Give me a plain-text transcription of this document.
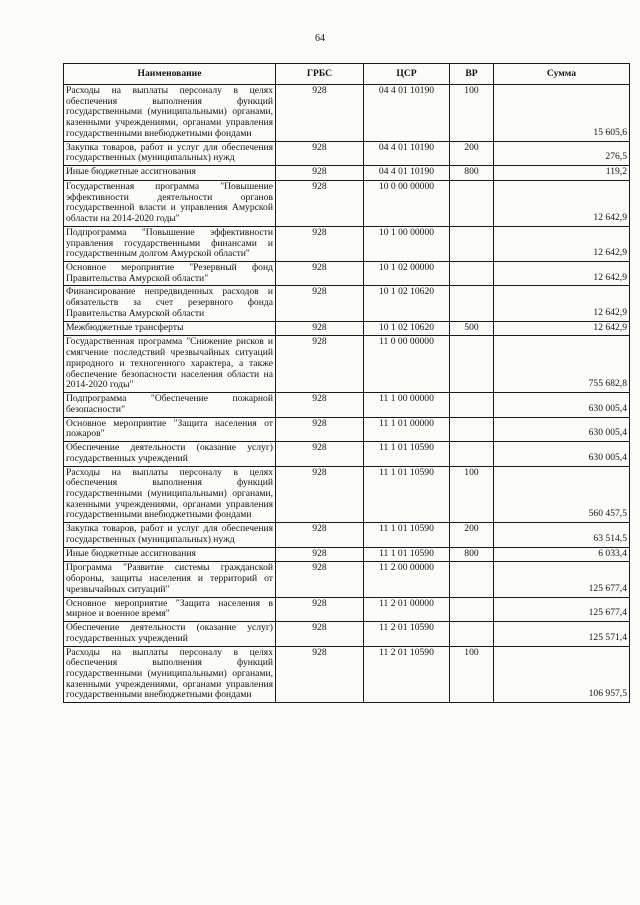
64
Наименование	ГРБС	ЦСР	ВР	Сумма
Расходы на выплаты персоналу в целях обеспечения выполнения функций государственными (муниципальными) органами, казенными учреждениями, органами управления государственными внебюджетными фондами	928	04 4 01 10190	100	15 605,6
Закупка товаров, работ и услуг для обеспечения государственных (муниципальных) нужд	928	04 4 01 10190	200	276,5
Иные бюджетные ассигнования	928	04 4 01 10190	800	119,2
Государственная программа "Повышение эффективности деятельности органов государственной власти и управления Амурской области на 2014-2020 годы"	928	10 0 00 00000		12 642,9
Подпрограмма "Повышение эффективности управления государственными финансами и государственным долгом Амурской области"	928	10 1 00 00000		12 642,9
Основное мероприятие "Резервный фонд Правительства Амурской области"	928	10 1 02 00000		12 642,9
Финансирование непредвиденных расходов и обязательств за счет резервного фонда Правительства Амурской области	928	10 1 02 10620		12 642,9
Межбюджетные трансферты	928	10 1 02 10620	500	12 642,9
Государственная программа "Снижение рисков и смягчение последствий чрезвычайных ситуаций природного и техногенного характера, а также обеспечение безопасности населения области на 2014-2020 годы"	928	11 0 00 00000		755 682,8
Подпрограмма "Обеспечение пожарной безопасности"	928	11 1 00 00000		630 005,4
Основное мероприятие "Защита населения от пожаров"	928	11 1 01 00000		630 005,4
Обеспечение деятельности (оказание услуг) государственных учреждений	928	11 1 01 10590		630 005,4
Расходы на выплаты персоналу в целях обеспечения выполнения функций государственными (муниципальными) органами, казенными учреждениями, органами управления государственными внебюджетными фондами	928	11 1 01 10590	100	560 457,5
Закупка товаров, работ и услуг для обеспечения государственных (муниципальных) нужд	928	11 1 01 10590	200	63 514,5
Иные бюджетные ассигнования	928	11 1 01 10590	800	6 033,4
Программа "Развитие системы гражданской обороны, защиты населения и территорий от чрезвычайных ситуаций"	928	11 2 00 00000		125 677,4
Основное мероприятие "Защита населения в мирное и военное время"	928	11 2 01 00000		125 677,4
Обеспечение деятельности (оказание услуг) государственных учреждений	928	11 2 01 10590		125 571,4
Расходы на выплаты персоналу в целях обеспечения выполнения функций государственными (муниципальными) органами, казенными учреждениями, органами управления государственными внебюджетными фондами	928	11 2 01 10590	100	106 957,5
